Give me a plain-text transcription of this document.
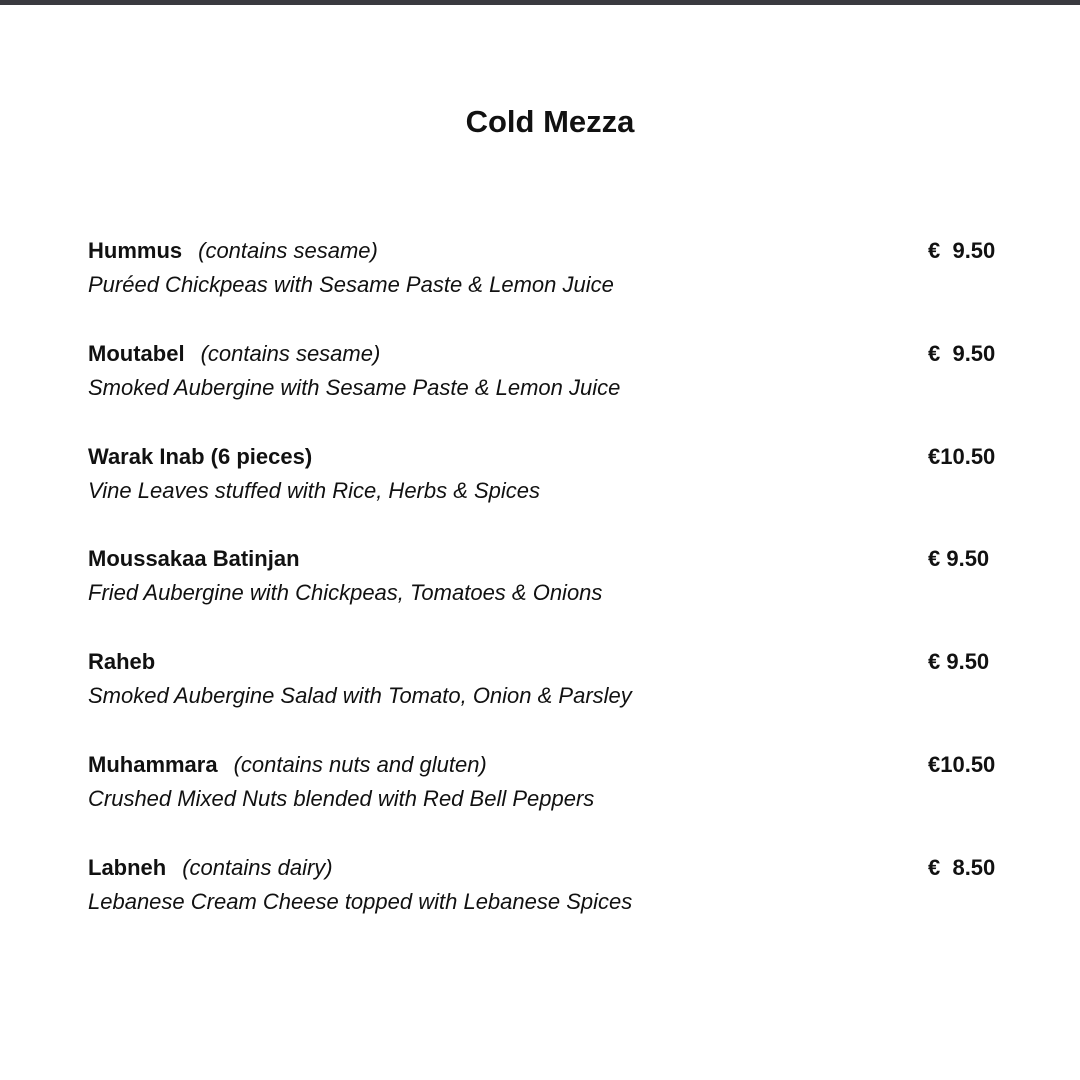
Cold Mezza
Hummus (contains sesame)
Puréed Chickpeas with Sesame Paste & Lemon Juice
€  9.50
Moutabel (contains sesame)
Smoked Aubergine with Sesame Paste & Lemon Juice
€  9.50
Warak Inab (6 pieces)
Vine Leaves stuffed with Rice, Herbs & Spices
€10.50
Moussakaa Batinjan
Fried Aubergine with Chickpeas, Tomatoes & Onions
€ 9.50
Raheb
Smoked Aubergine Salad with Tomato, Onion & Parsley
€ 9.50
Muhammara (contains nuts and gluten)
Crushed Mixed Nuts blended with Red Bell Peppers
€10.50
Labneh (contains dairy)
Lebanese Cream Cheese topped with Lebanese Spices
€  8.50
